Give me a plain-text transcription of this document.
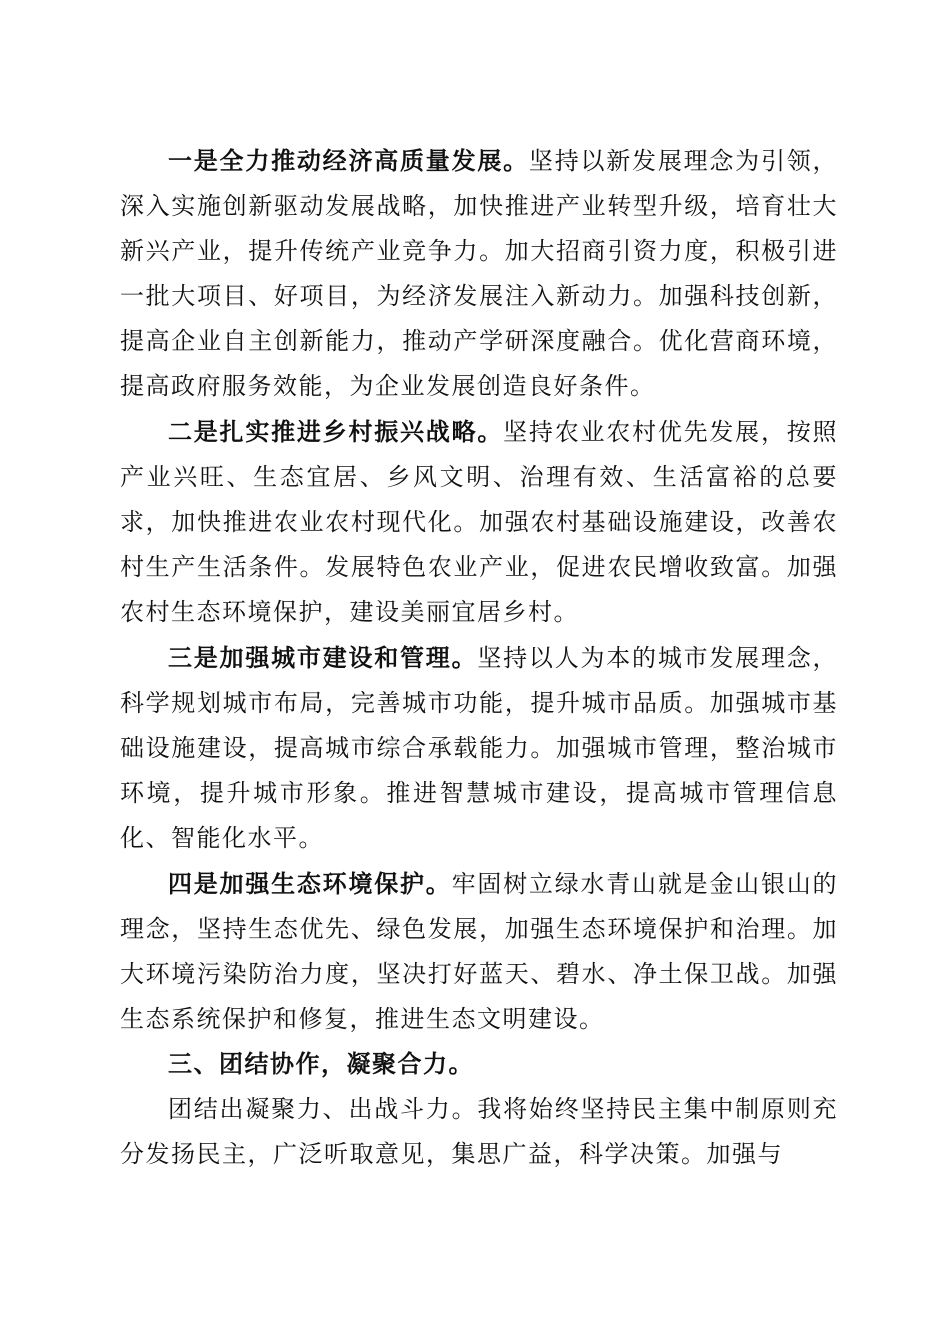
一是全力推动经济高质量发展。坚持以新发展理念为引领，深入实施创新驱动发展战略，加快推进产业转型升级，培育壮大新兴产业，提升传统产业竞争力。加大招商引资力度，积极引进一批大项目、好项目，为经济发展注入新动力。加强科技创新，提高企业自主创新能力，推动产学研深度融合。优化营商环境，提高政府服务效能，为企业发展创造良好条件。

二是扎实推进乡村振兴战略。坚持农业农村优先发展，按照产业兴旺、生态宜居、乡风文明、治理有效、生活富裕的总要求，加快推进农业农村现代化。加强农村基础设施建设，改善农村生产生活条件。发展特色农业产业，促进农民增收致富。加强农村生态环境保护，建设美丽宜居乡村。

三是加强城市建设和管理。坚持以人为本的城市发展理念，科学规划城市布局，完善城市功能，提升城市品质。加强城市基础设施建设，提高城市综合承载能力。加强城市管理，整治城市环境，提升城市形象。推进智慧城市建设，提高城市管理信息化、智能化水平。

四是加强生态环境保护。牢固树立绿水青山就是金山银山的理念，坚持生态优先、绿色发展，加强生态环境保护和治理。加大环境污染防治力度，坚决打好蓝天、碧水、净土保卫战。加强生态系统保护和修复，推进生态文明建设。

三、团结协作，凝聚合力。

团结出凝聚力、出战斗力。我将始终坚持民主集中制原则充分发扬民主，广泛听取意见，集思广益，科学决策。加强与
